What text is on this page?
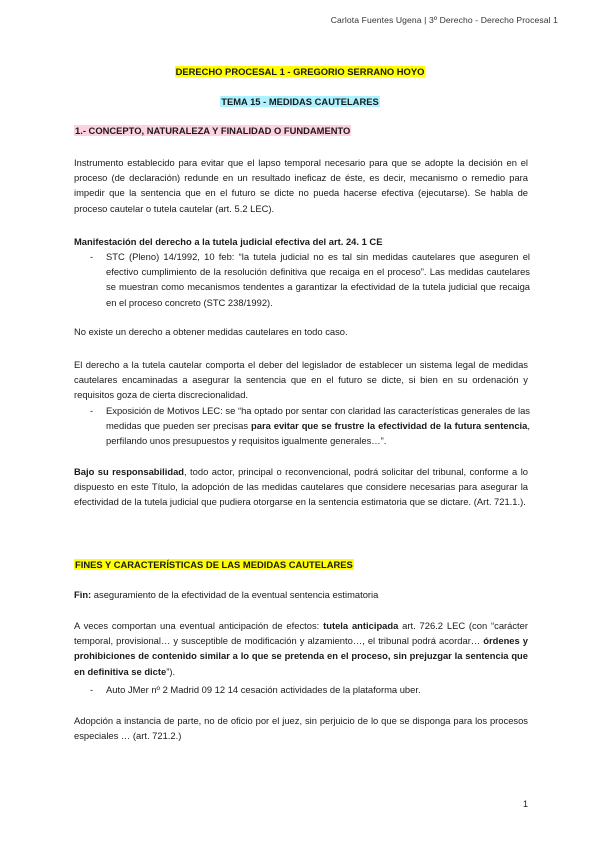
Carlota Fuentes Ugena | 3º Derecho - Derecho Procesal 1
DERECHO PROCESAL 1 - GREGORIO SERRANO HOYO
TEMA 15 - MEDIDAS CAUTELARES
1.- CONCEPTO, NATURALEZA Y FINALIDAD O FUNDAMENTO
Instrumento establecido para evitar que el lapso temporal necesario para que se adopte la decisión en el proceso (de declaración) redunde en un resultado ineficaz de éste, es decir, mecanismo o remedio para impedir que la sentencia que en el futuro se dicte no pueda hacerse efectiva (ejecutarse). Se habla de proceso cautelar o tutela cautelar (art. 5.2 LEC).
Manifestación del derecho a la tutela judicial efectiva del art. 24. 1 CE
- STC (Pleno) 14/1992, 10 feb: “la tutela judicial no es tal sin medidas cautelares que aseguren el efectivo cumplimiento de la resolución definitiva que recaiga en el proceso”. Las medidas cautelares se muestran como mecanismos tendentes a garantizar la efectividad de la tutela judicial que recaiga en el proceso concreto (STC 238/1992).
No existe un derecho a obtener medidas cautelares en todo caso.
El derecho a la tutela cautelar comporta el deber del legislador de establecer un sistema legal de medidas cautelares encaminadas a asegurar la sentencia que en el futuro se dicte, si bien en su ordenación y requisitos goza de cierta discrecionalidad.
- Exposición de Motivos LEC: se “ha optado por sentar con claridad las características generales de las medidas que pueden ser precisas para evitar que se frustre la efectividad de la futura sentencia, perfilando unos presupuestos y requisitos igualmente generales…”.
Bajo su responsabilidad, todo actor, principal o reconvencional, podrá solicitar del tribunal, conforme a lo dispuesto en este Título, la adopción de las medidas cautelares que considere necesarias para asegurar la efectividad de la tutela judicial que pudiera otorgarse en la sentencia estimatoria que se dictare. (Art. 721.1.).
FINES Y CARACTERÍSTICAS DE LAS MEDIDAS CAUTELARES
Fin: aseguramiento de la efectividad de la eventual sentencia estimatoria
A veces comportan una eventual anticipación de efectos: tutela anticipada art. 726.2 LEC (con “carácter temporal, provisional… y susceptible de modificación y alzamiento…, el tribunal podrá acordar… órdenes y prohibiciones de contenido similar a lo que se pretenda en el proceso, sin prejuzgar la sentencia que en definitiva se dicte”).
- Auto JMer nº 2 Madrid 09 12 14 cesación actividades de la plataforma uber.
Adopción a instancia de parte, no de oficio por el juez, sin perjuicio de lo que se disponga para los procesos especiales … (art. 721.2.)
1
